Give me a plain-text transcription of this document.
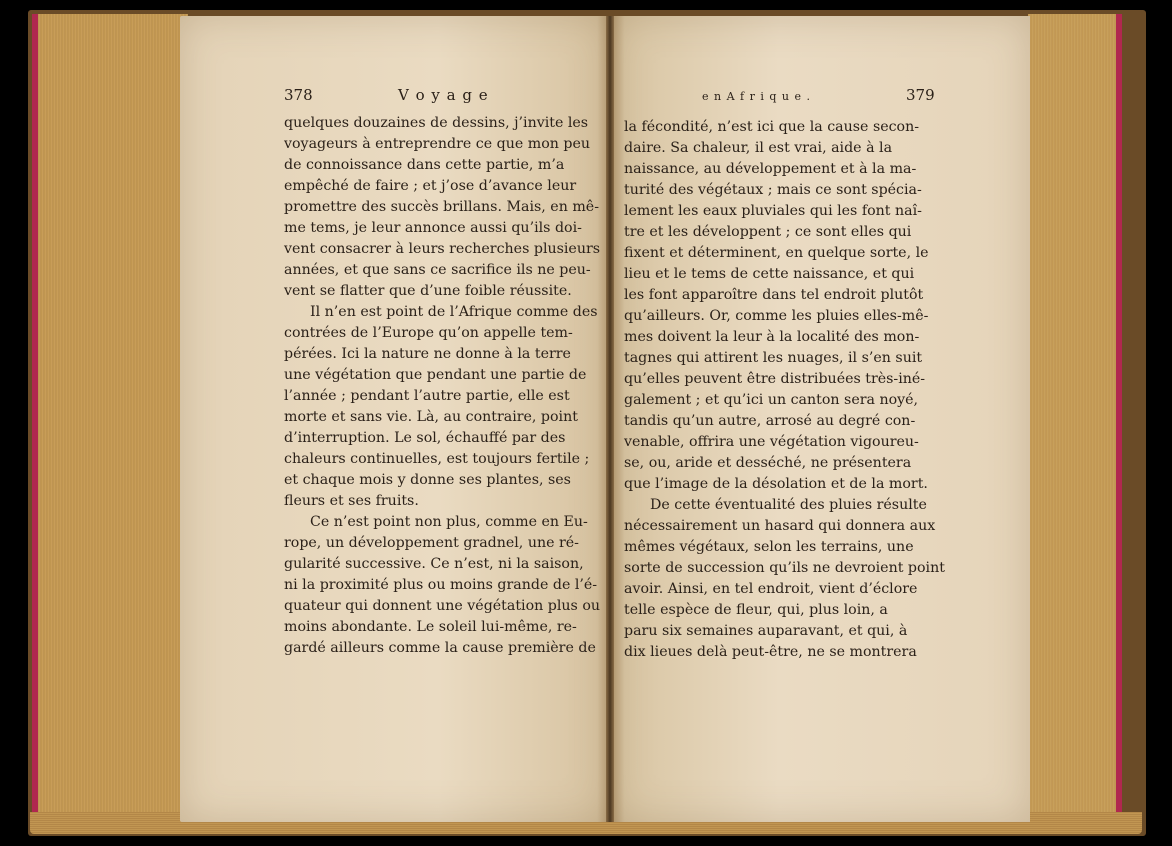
378	V o y a g e	e n A f r i q u e .	379
quelques douzaines de dessins, j’invite les
voyageurs à entreprendre ce que mon peu
de connoissance dans cette partie, m’a
empêché de faire ; et j’ose d’avance leur
promettre des succès brillans. Mais, en mê-
me tems, je leur annonce aussi qu’ils doi-
vent consacrer à leurs recherches plusieurs
années, et que sans ce sacrifice ils ne peu-
vent se flatter que d’une foible réussite.
Il n’en est point de l’Afrique comme des
contrées de l’Europe qu’on appelle tem-
pérées. Ici la nature ne donne à la terre
une végétation que pendant une partie de
l’année ; pendant l’autre partie, elle est
morte et sans vie. Là, au contraire, point
d’interruption. Le sol, échauffé par des
chaleurs continuelles, est toujours fertile ;
et chaque mois y donne ses plantes, ses
fleurs et ses fruits.
Ce n’est point non plus, comme en Eu-
rope, un développement gradnel, une ré-
gularité successive. Ce n’est, ni la saison,
ni la proximité plus ou moins grande de l’é-
quateur qui donnent une végétation plus ou
moins abondante. Le soleil lui-même, re-
gardé ailleurs comme la cause première de
la fécondité, n’est ici que la cause secon-
daire. Sa chaleur, il est vrai, aide à la
naissance, au développement et à la ma-
turité des végétaux ; mais ce sont spécia-
lement les eaux pluviales qui les font naî-
tre et les développent ; ce sont elles qui
fixent et déterminent, en quelque sorte, le
lieu et le tems de cette naissance, et qui
les font apparoître dans tel endroit plutôt
qu’ailleurs. Or, comme les pluies elles-mê-
mes doivent la leur à la localité des mon-
tagnes qui attirent les nuages, il s’en suit
qu’elles peuvent être distribuées très-iné-
galement ; et qu’ici un canton sera noyé,
tandis qu’un autre, arrosé au degré con-
venable, offrira une végétation vigoureu-
se, ou, aride et desséché, ne présentera
que l’image de la désolation et de la mort.
De cette éventualité des pluies résulte
nécessairement un hasard qui donnera aux
mêmes végétaux, selon les terrains, une
sorte de succession qu’ils ne devroient point
avoir. Ainsi, en tel endroit, vient d’éclore
telle espèce de fleur, qui, plus loin, a
paru six semaines auparavant, et qui, à
dix lieues delà peut-être, ne se montrera
